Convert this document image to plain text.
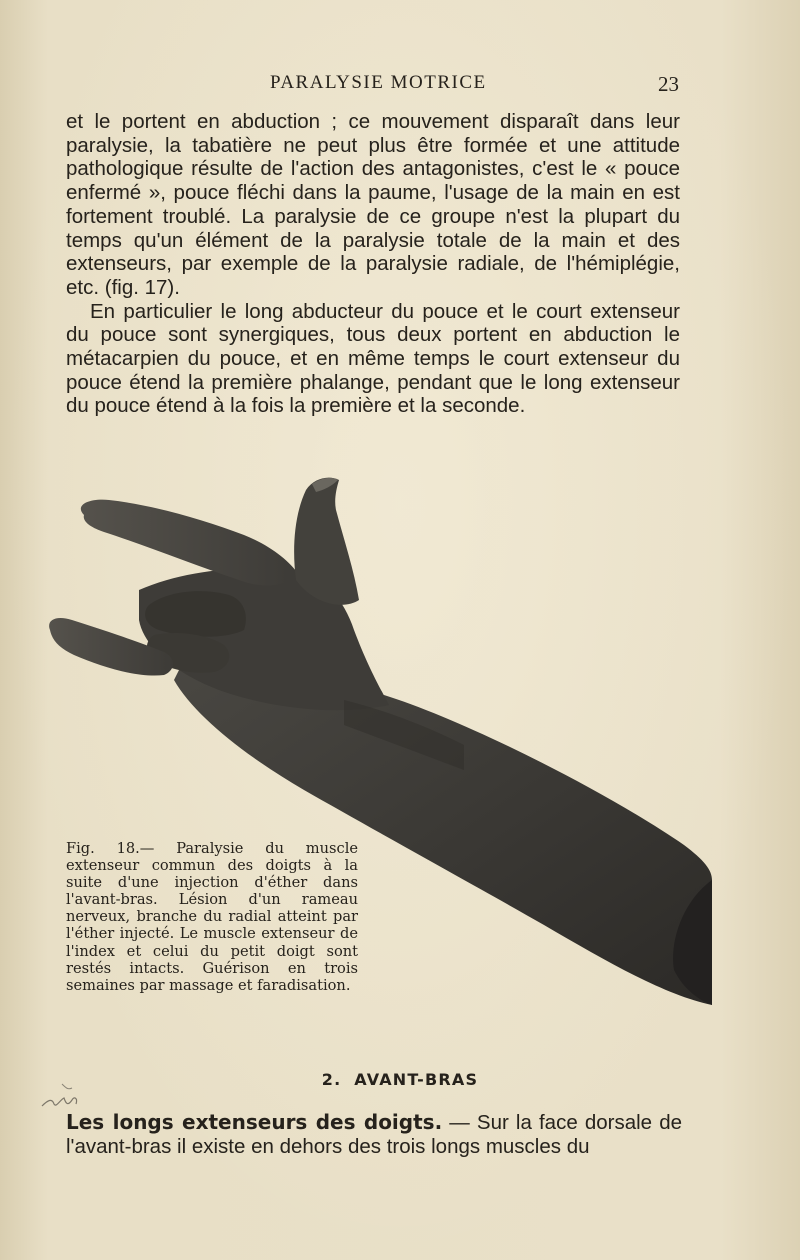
PARALYSIE MOTRICE	23

et le portent en abduction ; ce mouvement disparaît dans leur paralysie, la tabatière ne peut plus être formée et une attitude pathologique résulte de l'action des antagonistes, c'est le « pouce enfermé », pouce fléchi dans la paume, l'usage de la main en est fortement troublé. La paralysie de ce groupe n'est la plupart du temps qu'un élément de la paralysie totale de la main et des extenseurs, par exemple de la paralysie radiale, de l'hémiplégie, etc. (fig. 17).

En particulier le long abducteur du pouce et le court extenseur du pouce sont synergiques, tous deux portent en abduction le métacarpien du pouce, et en même temps le court extenseur du pouce étend la première phalange, pendant que le long extenseur du pouce étend à la fois la première et la seconde.

Fig. 18.— Paralysie du muscle extenseur commun des doigts à la suite d'une injection d'éther dans l'avant-bras. Lésion d'un rameau nerveux, branche du radial atteint par l'éther injecté. Le muscle extenseur de l'index et celui du petit doigt sont restés intacts. Guérison en trois semaines par massage et faradisation.
2. AVANT-BRAS
Les longs extenseurs des doigts. — Sur la face dorsale de l'avant-bras il existe en dehors des trois longs muscles du
